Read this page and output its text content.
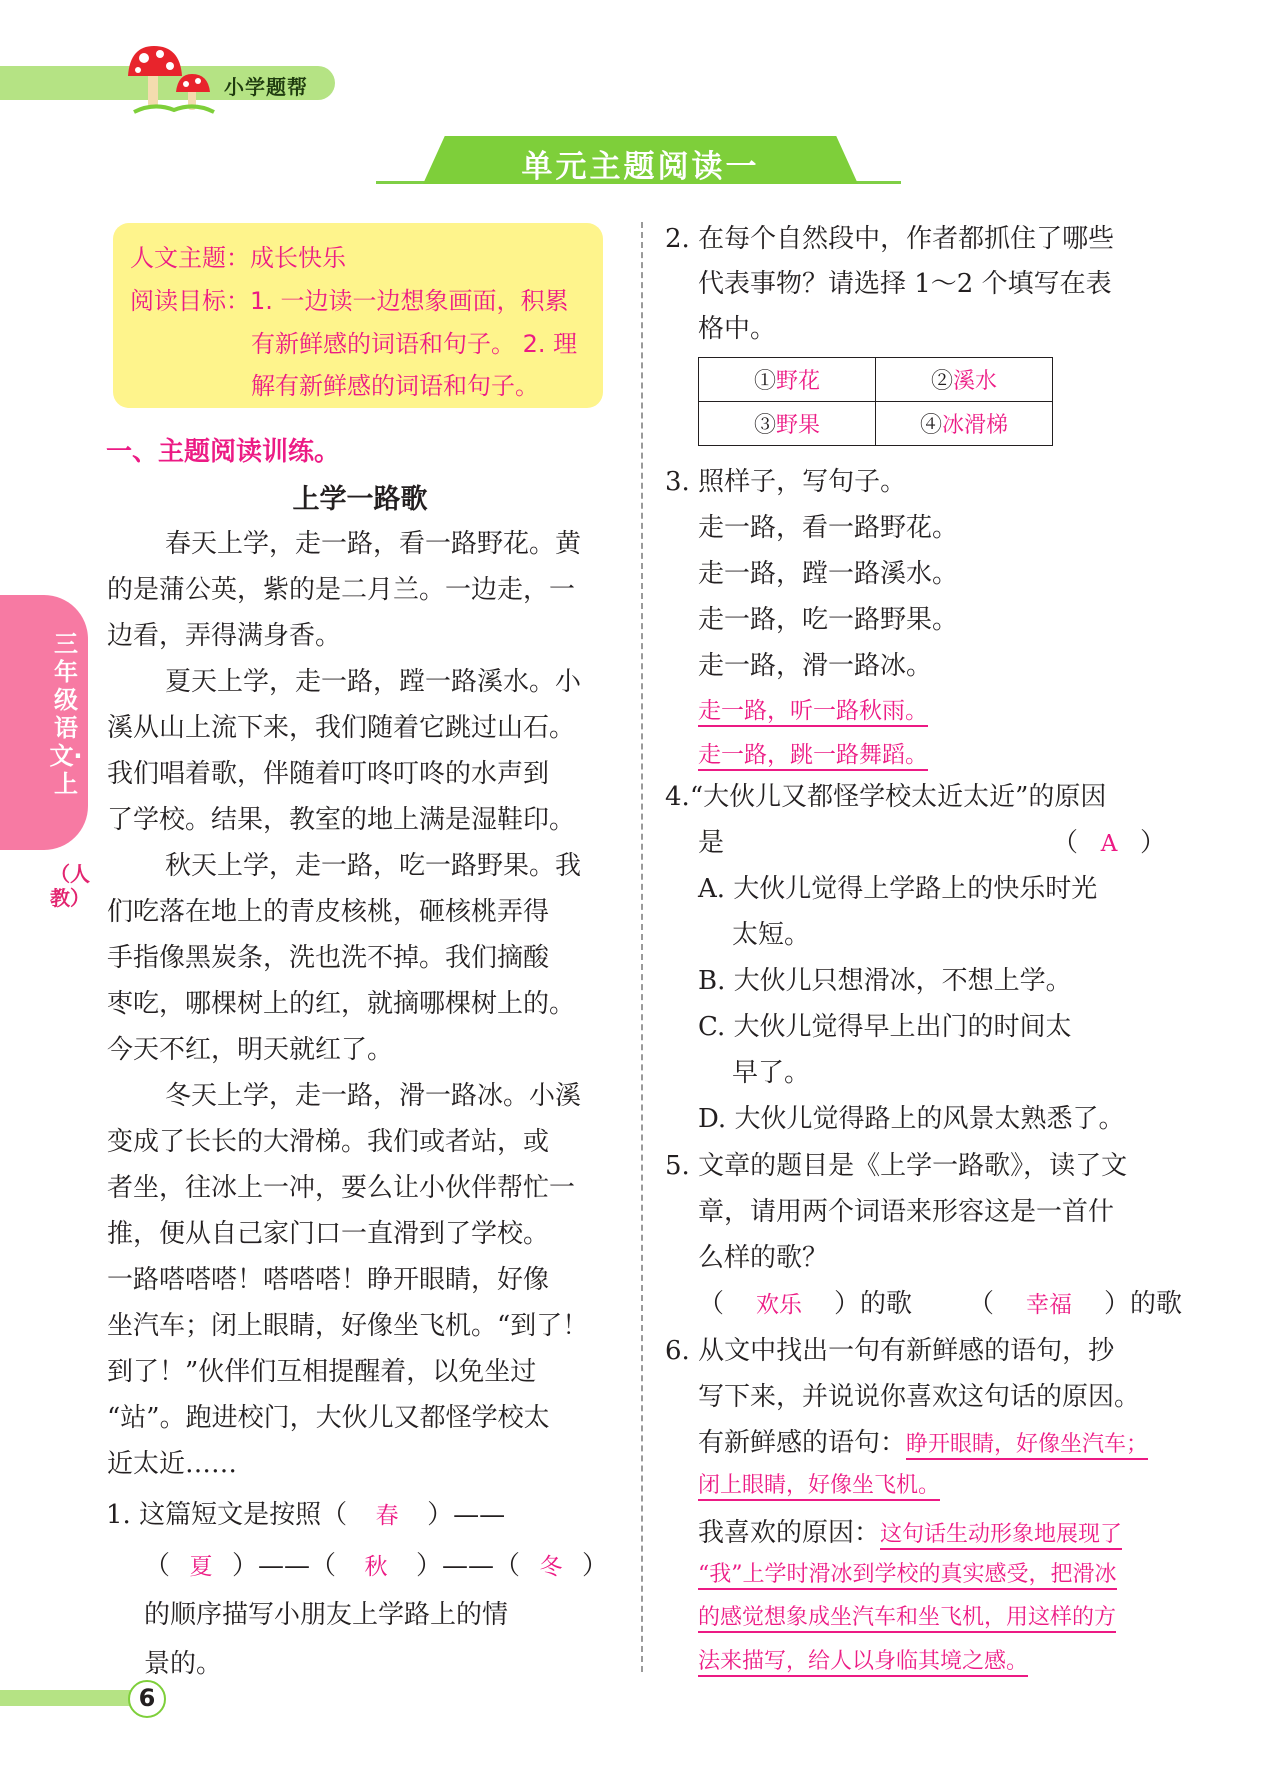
小学题帮
单元主题阅读一
三年级语文·上
（人教）
人文主题：成长快乐
阅读目标：1. 一边读一边想象画面，积累
有新鲜感的词语和句子。 2. 理
解有新鲜感的词语和句子。
一、主题阅读训练。
上学一路歌
春天上学，走一路，看一路野花。黄
的是蒲公英，紫的是二月兰。一边走，一
边看，弄得满身香。
夏天上学，走一路，蹚一路溪水。小
溪从山上流下来，我们随着它跳过山石。
我们唱着歌，伴随着叮咚叮咚的水声到
了学校。结果，教室的地上满是湿鞋印。
秋天上学，走一路，吃一路野果。我
们吃落在地上的青皮核桃，砸核桃弄得
手指像黑炭条，洗也洗不掉。我们摘酸
枣吃，哪棵树上的红，就摘哪棵树上的。
今天不红，明天就红了。
冬天上学，走一路，滑一路冰。小溪
变成了长长的大滑梯。我们或者站，或
者坐，往冰上一冲，要么让小伙伴帮忙一
推，便从自己家门口一直滑到了学校。
一路嗒嗒嗒！嗒嗒嗒！睁开眼睛，好像
坐汽车；闭上眼睛，好像坐飞机。“到了！
到了！”伙伴们互相提醒着，以免坐过
“站”。跑进校门，大伙儿又都怪学校太
近太近……
1. 这篇短文是按照（ 春 ）——
（ 夏 ）——（ 秋 ）——（ 冬 ）
的顺序描写小朋友上学路上的情
景的。
2. 在每个自然段中，作者都抓住了哪些
代表事物？请选择 1～2 个填写在表
格中。
①野花	②溪水
③野果	④冰滑梯
3. 照样子，写句子。
走一路，看一路野花。
走一路，蹚一路溪水。
走一路，吃一路野果。
走一路，滑一路冰。
走一路，听一路秋雨。
走一路，跳一路舞蹈。
4.“大伙儿又都怪学校太近太近”的原因
是	（ A ）
A. 大伙儿觉得上学路上的快乐时光
太短。
B. 大伙儿只想滑冰，不想上学。
C. 大伙儿觉得早上出门的时间太
早了。
D. 大伙儿觉得路上的风景太熟悉了。
5. 文章的题目是《上学一路歌》，读了文
章，请用两个词语来形容这是一首什
么样的歌？
（ 欢乐 ）的歌 （ 幸福 ）的歌
6. 从文中找出一句有新鲜感的语句，抄
写下来，并说说你喜欢这句话的原因。
有新鲜感的语句：睁开眼睛，好像坐汽车；
闭上眼睛，好像坐飞机。
我喜欢的原因：这句话生动形象地展现了
“我”上学时滑冰到学校的真实感受，把滑冰
的感觉想象成坐汽车和坐飞机，用这样的方
法来描写，给人以身临其境之感。
6
